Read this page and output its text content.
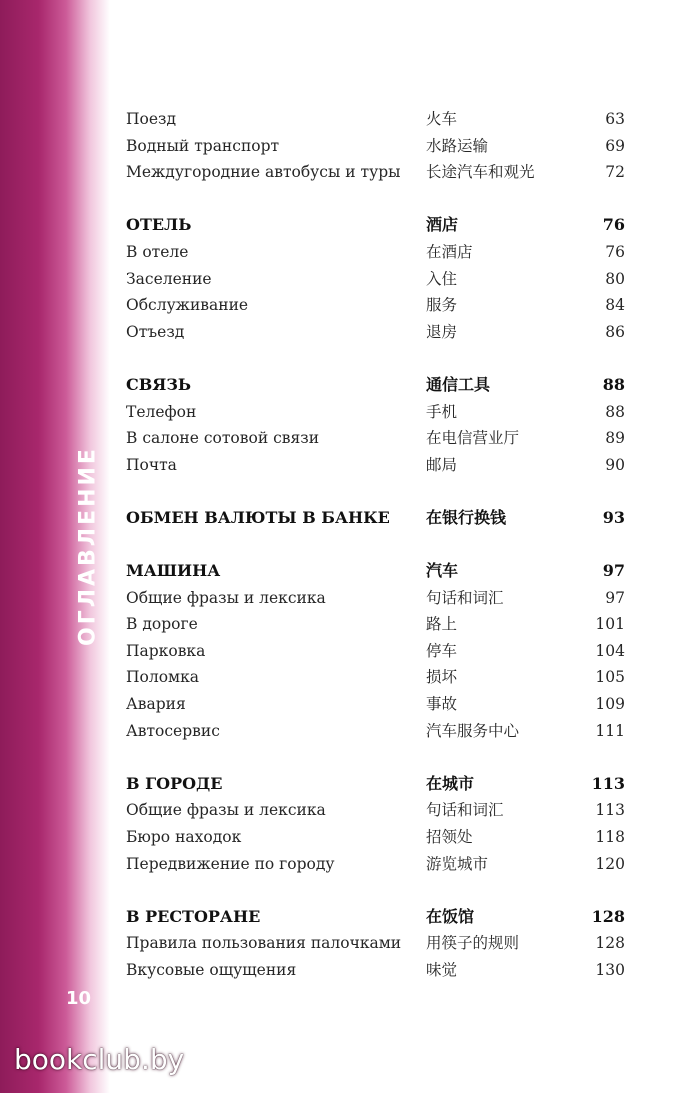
ОГЛАВЛЕНИЕ
10
bookclub.by
Поезд	火车	63
Водный транспорт	水路运输	69
Междугородние автобусы и туры 长途汽车和观光	72
ОТЕЛЬ	酒店	76
В отеле	在酒店	76
Заселение	入住	80
Обслуживание	服务	84
Отъезд	退房	86
СВЯЗЬ	通信工具	88
Телефон	手机	88
В салоне сотовой связи	在电信营业厅	89
Почта	邮局	90
ОБМЕН ВАЛЮТЫ В БАНКЕ 在银行换钱	93
МАШИНА	汽车	97
Общие фразы и лексика	句话和词汇	97
В дороге	路上	101
Парковка	停车	104
Поломка	损坏	105
Авария	事故	109
Автосервис	汽车服务中心	111
В ГОРОДЕ	在城市	113
Общие фразы и лексика	句话和词汇	113
Бюро находок	招领处	118
Передвижение по городу	游览城市	120
В РЕСТОРАНЕ	在饭馆	128
Правила пользования палочками 用筷子的规则	128
Вкусовые ощущения	味觉	130
